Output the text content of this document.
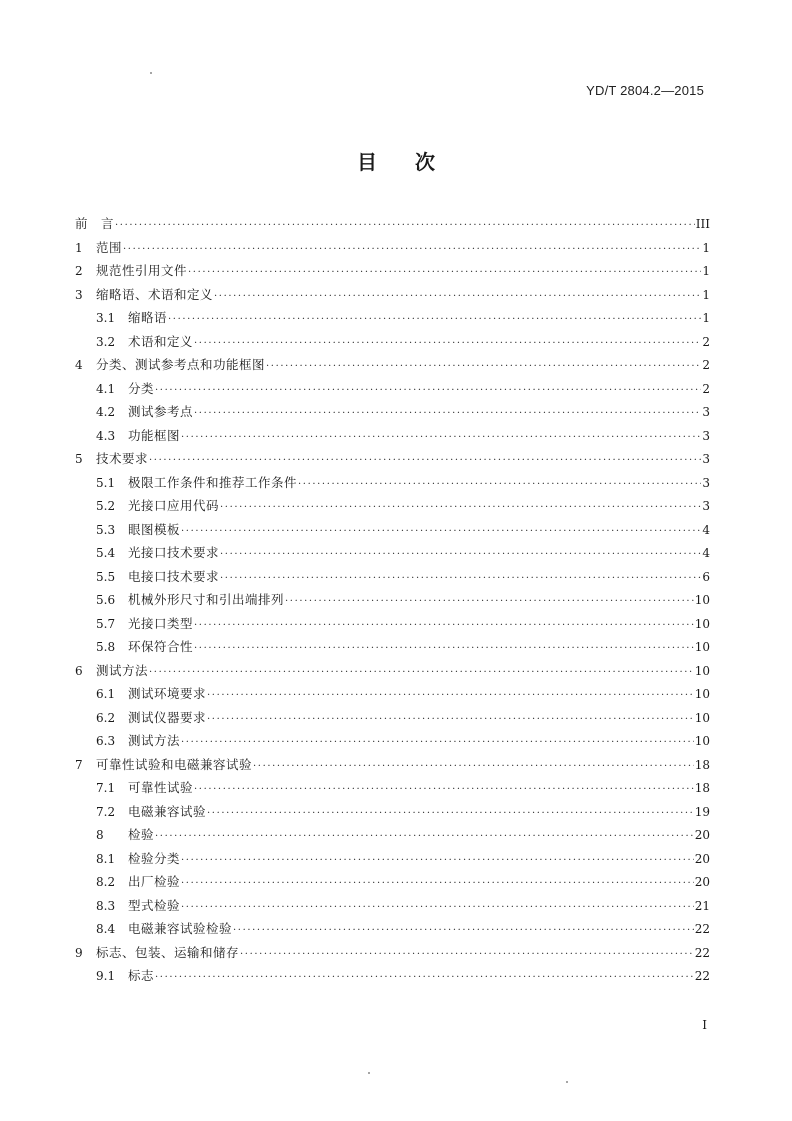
YD/T 2804.2—2015
目次
前　言 ·····	III
1	范围 ·····	1
2	规范性引用文件 ·····	1
3	缩略语、术语和定义 ·····	1
3.1	缩略语 ·····	1
3.2	术语和定义 ·····	2
4	分类、测试参考点和功能框图 ·····	2
4.1	分类 ·····	2
4.2	测试参考点 ·····	3
4.3	功能框图 ·····	3
5	技术要求 ·····	3
5.1	极限工作条件和推荐工作条件 ·····	3
5.2	光接口应用代码 ·····	3
5.3	眼图模板 ·····	4
5.4	光接口技术要求 ·····	4
5.5	电接口技术要求 ·····	6
5.6	机械外形尺寸和引出端排列 ·····	10
5.7	光接口类型 ·····	10
5.8	环保符合性 ·····	10
6	测试方法 ·····	10
6.1	测试环境要求 ·····	10
6.2	测试仪器要求 ·····	10
6.3	测试方法 ·····	10
7	可靠性试验和电磁兼容试验 ·····	18
7.1	可靠性试验 ·····	18
7.2	电磁兼容试验 ·····	19
8	检验 ·····	20
8.1	检验分类 ·····	20
8.2	出厂检验 ·····	20
8.3	型式检验 ·····	21
8.4	电磁兼容试验检验 ·····	22
9	标志、包装、运输和储存 ·····	22
9.1	标志 ·····	22
I
